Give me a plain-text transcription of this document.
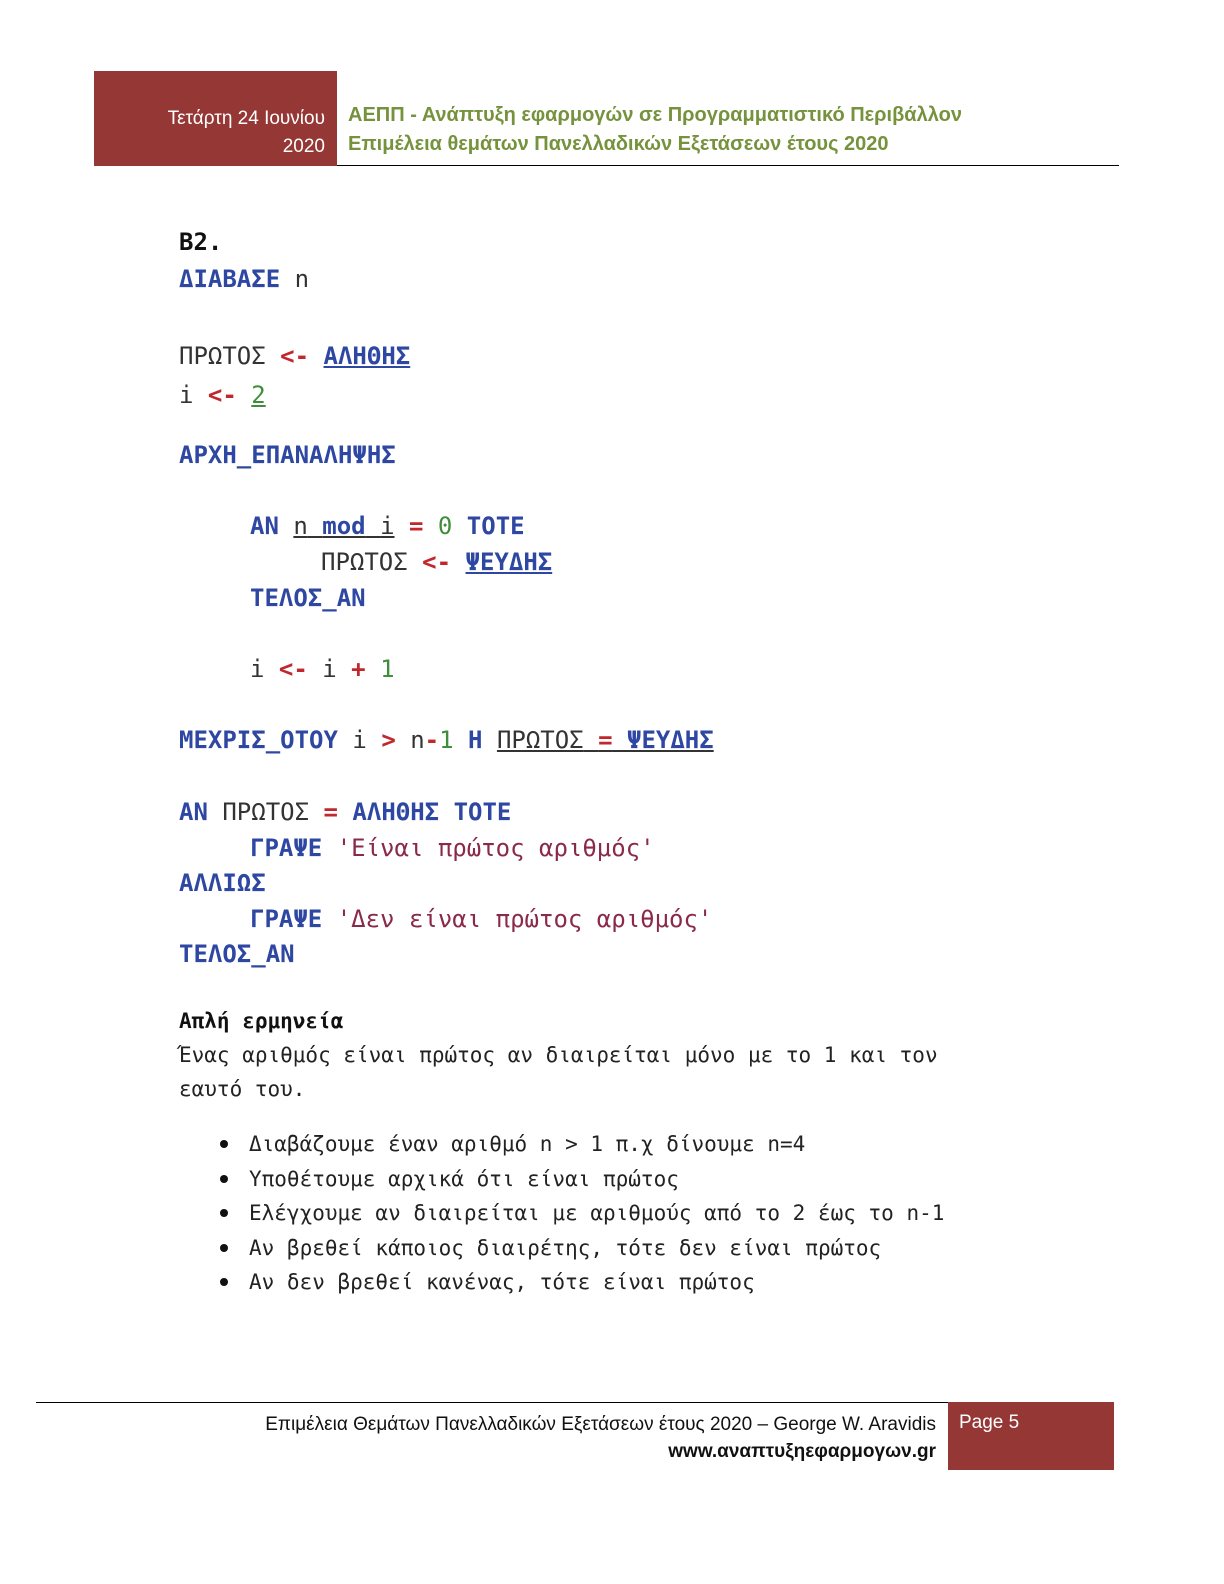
Τετάρτη 24 Ιουνίου
2020
ΑΕΠΠ - Ανάπτυξη εφαρμογών σε Προγραμματιστικό Περιβάλλον
Επιμέλεια θεμάτων Πανελλαδικών Εξετάσεων έτους 2020
B2.
ΔΙΑΒΑΣΕ n
ΠΡΩΤΟΣ <- ΑΛΗΘΗΣ
i <- 2
ΑΡΧΗ_ΕΠΑΝΑΛΗΨΗΣ
ΑΝ n mod i = 0 ΤΟΤΕ
ΠΡΩΤΟΣ <- ΨΕΥΔΗΣ
ΤΕΛΟΣ_ΑΝ
i <- i + 1
ΜΕΧΡΙΣ_ΟΤΟΥ i > n-1 Η ΠΡΩΤΟΣ = ΨΕΥΔΗΣ
ΑΝ ΠΡΩΤΟΣ = ΑΛΗΘΗΣ ΤΟΤΕ
ΓΡΑΨΕ 'Είναι πρώτος αριθμός'
ΑΛΛΙΩΣ
ΓΡΑΨΕ 'Δεν είναι πρώτος αριθμός'
ΤΕΛΟΣ_ΑΝ
Απλή ερμηνεία
Ένας αριθμός είναι πρώτος αν διαιρείται μόνο με το 1 και τον
εαυτό του.
Διαβάζουμε έναν αριθμό n > 1 π.χ δίνουμε n=4
Υποθέτουμε αρχικά ότι είναι πρώτος
Ελέγχουμε αν διαιρείται με αριθμούς από το 2 έως το n-1
Αν βρεθεί κάποιος διαιρέτης, τότε δεν είναι πρώτος
Αν δεν βρεθεί κανένας, τότε είναι πρώτος
Επιμέλεια Θεμάτων Πανελλαδικών Εξετάσεων έτους 2020 – George W. Aravidis
www.αναπτυξηεφαρμογων.gr
Page 5
